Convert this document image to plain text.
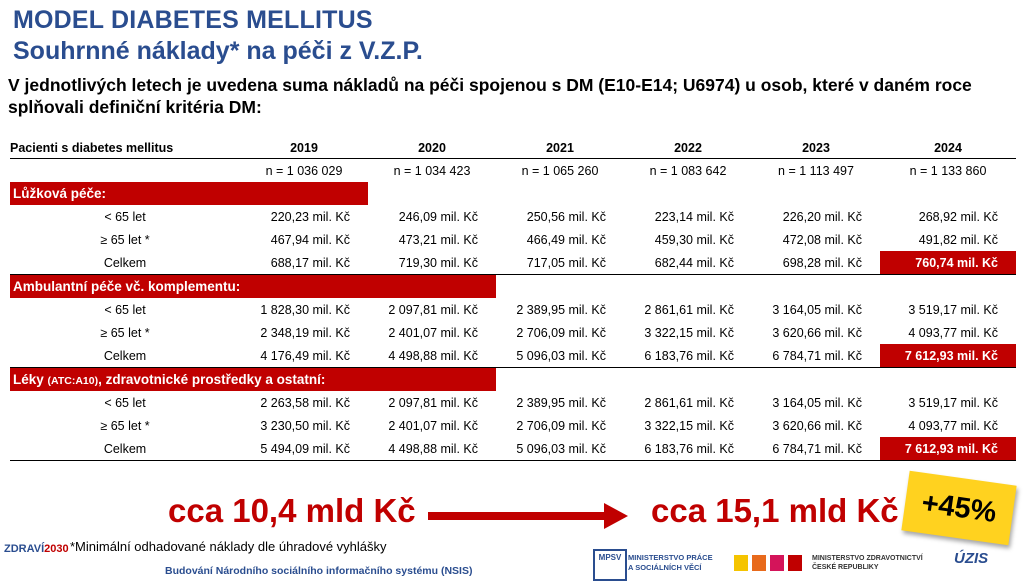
MODEL DIABETES MELLITUS
Souhrnné náklady* na péči z V.Z.P.
V jednotlivých letech je uvedena suma nákladů na péči spojenou s DM (E10-E14; U6974) u osob, které v daném roce splňovali definiční kritéria DM:
Pacienti s diabetes mellitus	2019	2020	2021	2022	2023	2024
	n = 1 036 029	n = 1 034 423	n = 1 065 260	n = 1 083 642	n = 1 113 497	n = 1 133 860
Lůžková péče:						
< 65 let	220,23 mil. Kč	246,09 mil. Kč	250,56 mil. Kč	223,14 mil. Kč	226,20 mil. Kč	268,92 mil. Kč
≥ 65 let *	467,94 mil. Kč	473,21 mil. Kč	466,49 mil. Kč	459,30 mil. Kč	472,08 mil. Kč	491,82 mil. Kč
Celkem	688,17 mil. Kč	719,30 mil. Kč	717,05 mil. Kč	682,44 mil. Kč	698,28 mil. Kč	760,74 mil. Kč
Ambulantní péče vč. komplementu:						
< 65 let	1 828,30 mil. Kč	2 097,81 mil. Kč	2 389,95 mil. Kč	2 861,61 mil. Kč	3 164,05 mil. Kč	3 519,17 mil. Kč
≥ 65 let *	2 348,19 mil. Kč	2 401,07 mil. Kč	2 706,09 mil. Kč	3 322,15 mil. Kč	3 620,66 mil. Kč	4 093,77 mil. Kč
Celkem	4 176,49 mil. Kč	4 498,88 mil. Kč	5 096,03 mil. Kč	6 183,76 mil. Kč	6 784,71 mil. Kč	7 612,93 mil. Kč
Léky (ATC:A10), zdravotnické prostředky a ostatní:						
< 65 let	2 263,58 mil. Kč	2 097,81 mil. Kč	2 389,95 mil. Kč	2 861,61 mil. Kč	3 164,05 mil. Kč	3 519,17 mil. Kč
≥ 65 let *	3 230,50 mil. Kč	2 401,07 mil. Kč	2 706,09 mil. Kč	3 322,15 mil. Kč	3 620,66 mil. Kč	4 093,77 mil. Kč
Celkem	5 494,09 mil. Kč	4 498,88 mil. Kč	5 096,03 mil. Kč	6 183,76 mil. Kč	6 784,71 mil. Kč	7 612,93 mil. Kč
cca 10,4 mld Kč	cca 15,1 mld Kč +45%
ZDRAVÍ2030 *Minimální odhadované náklady dle úhradové vyhlášky
Budování Národního sociálního informačního systému (NSIS)
MPSV MINISTERSTVO PRÁCE
A SOCIÁLNÍCH VĚCÍ
MINISTERSTVO ZDRAVOTNICTVÍ
ČESKÉ REPUBLIKY
ÚZIS
